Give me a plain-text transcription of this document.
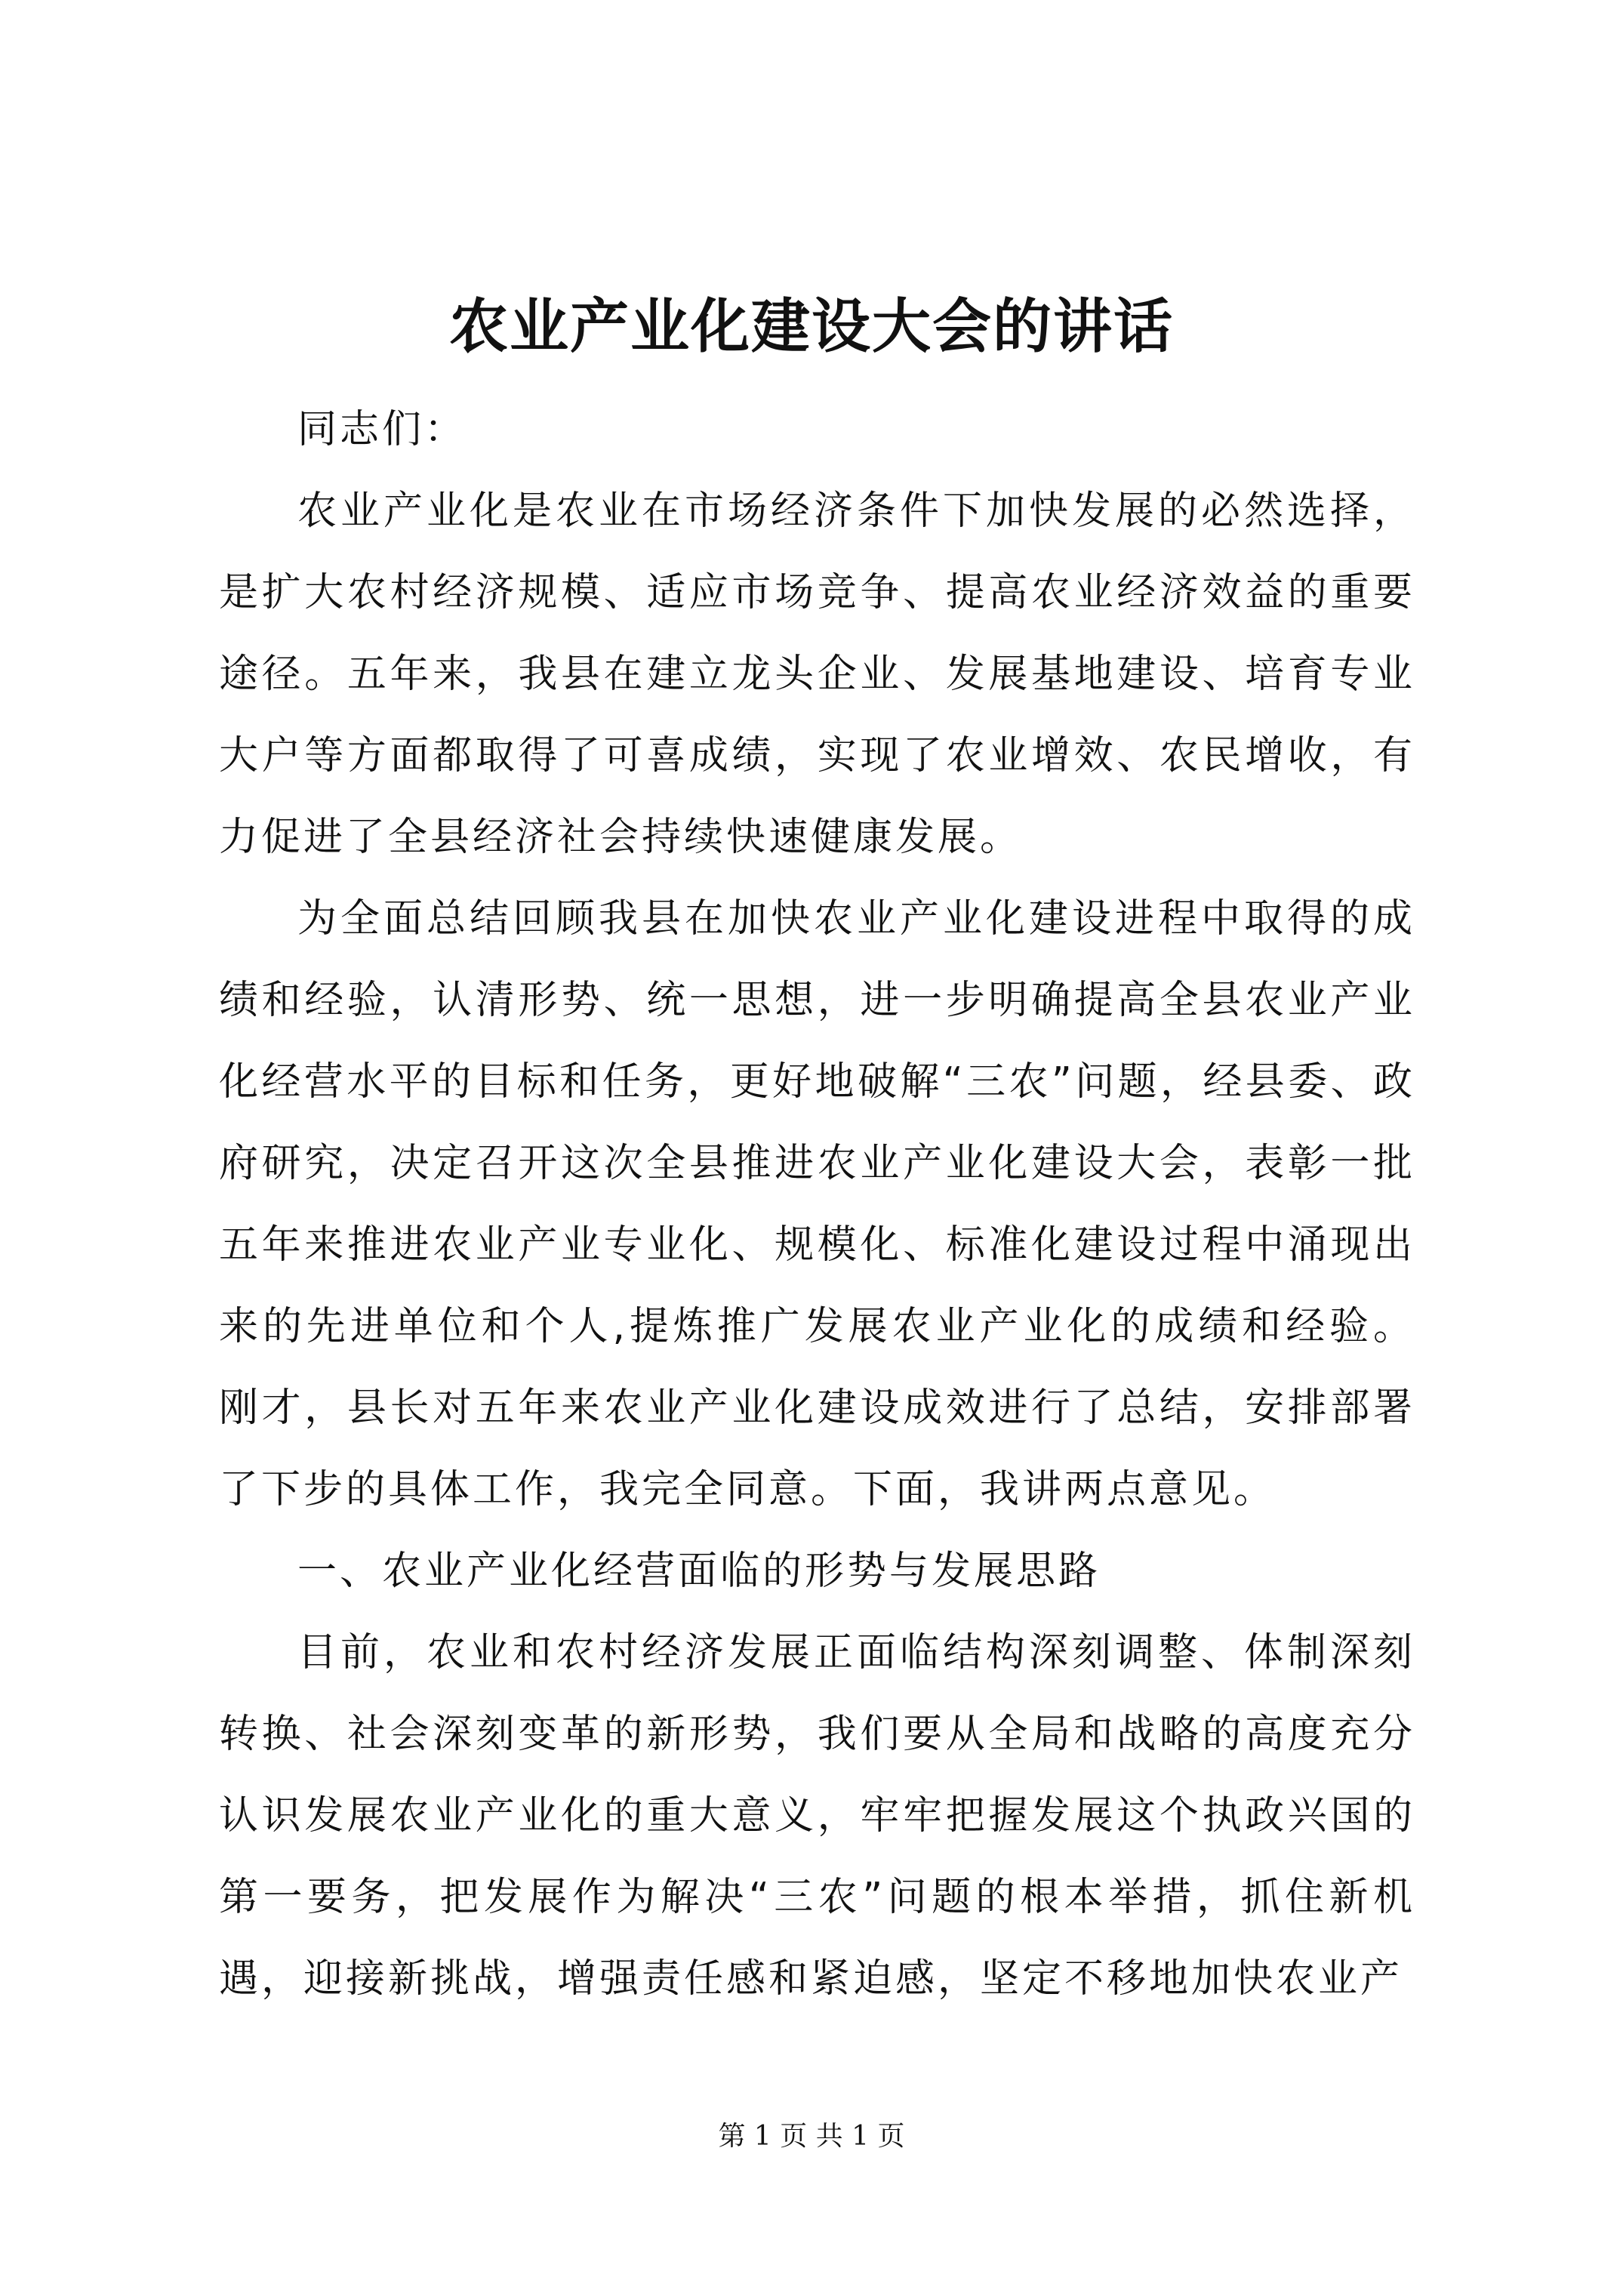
农业产业化建设大会的讲话

同志们：

农业产业化是农业在市场经济条件下加快发展的必然选择，是扩大农村经济规模、适应市场竞争、提高农业经济效益的重要途径。五年来，我县在建立龙头企业、发展基地建设、培育专业大户等方面都取得了可喜成绩，实现了农业增效、农民增收，有力促进了全县经济社会持续快速健康发展。

为全面总结回顾我县在加快农业产业化建设进程中取得的成绩和经验，认清形势、统一思想，进一步明确提高全县农业产业化经营水平的目标和任务，更好地破解“三农”问题，经县委、政府研究，决定召开这次全县推进农业产业化建设大会，表彰一批五年来推进农业产业专业化、规模化、标准化建设过程中涌现出来的先进单位和个人,提炼推广发展农业产业化的成绩和经验。刚才，县长对五年来农业产业化建设成效进行了总结，安排部署了下步的具体工作，我完全同意。下面，我讲两点意见。

一、农业产业化经营面临的形势与发展思路

目前，农业和农村经济发展正面临结构深刻调整、体制深刻转换、社会深刻变革的新形势，我们要从全局和战略的高度充分认识发展农业产业化的重大意义，牢牢把握发展这个执政兴国的第一要务，把发展作为解决“三农”问题的根本举措，抓住新机遇，迎接新挑战，增强责任感和紧迫感，坚定不移地加快农业产

第 1 页 共 1 页
